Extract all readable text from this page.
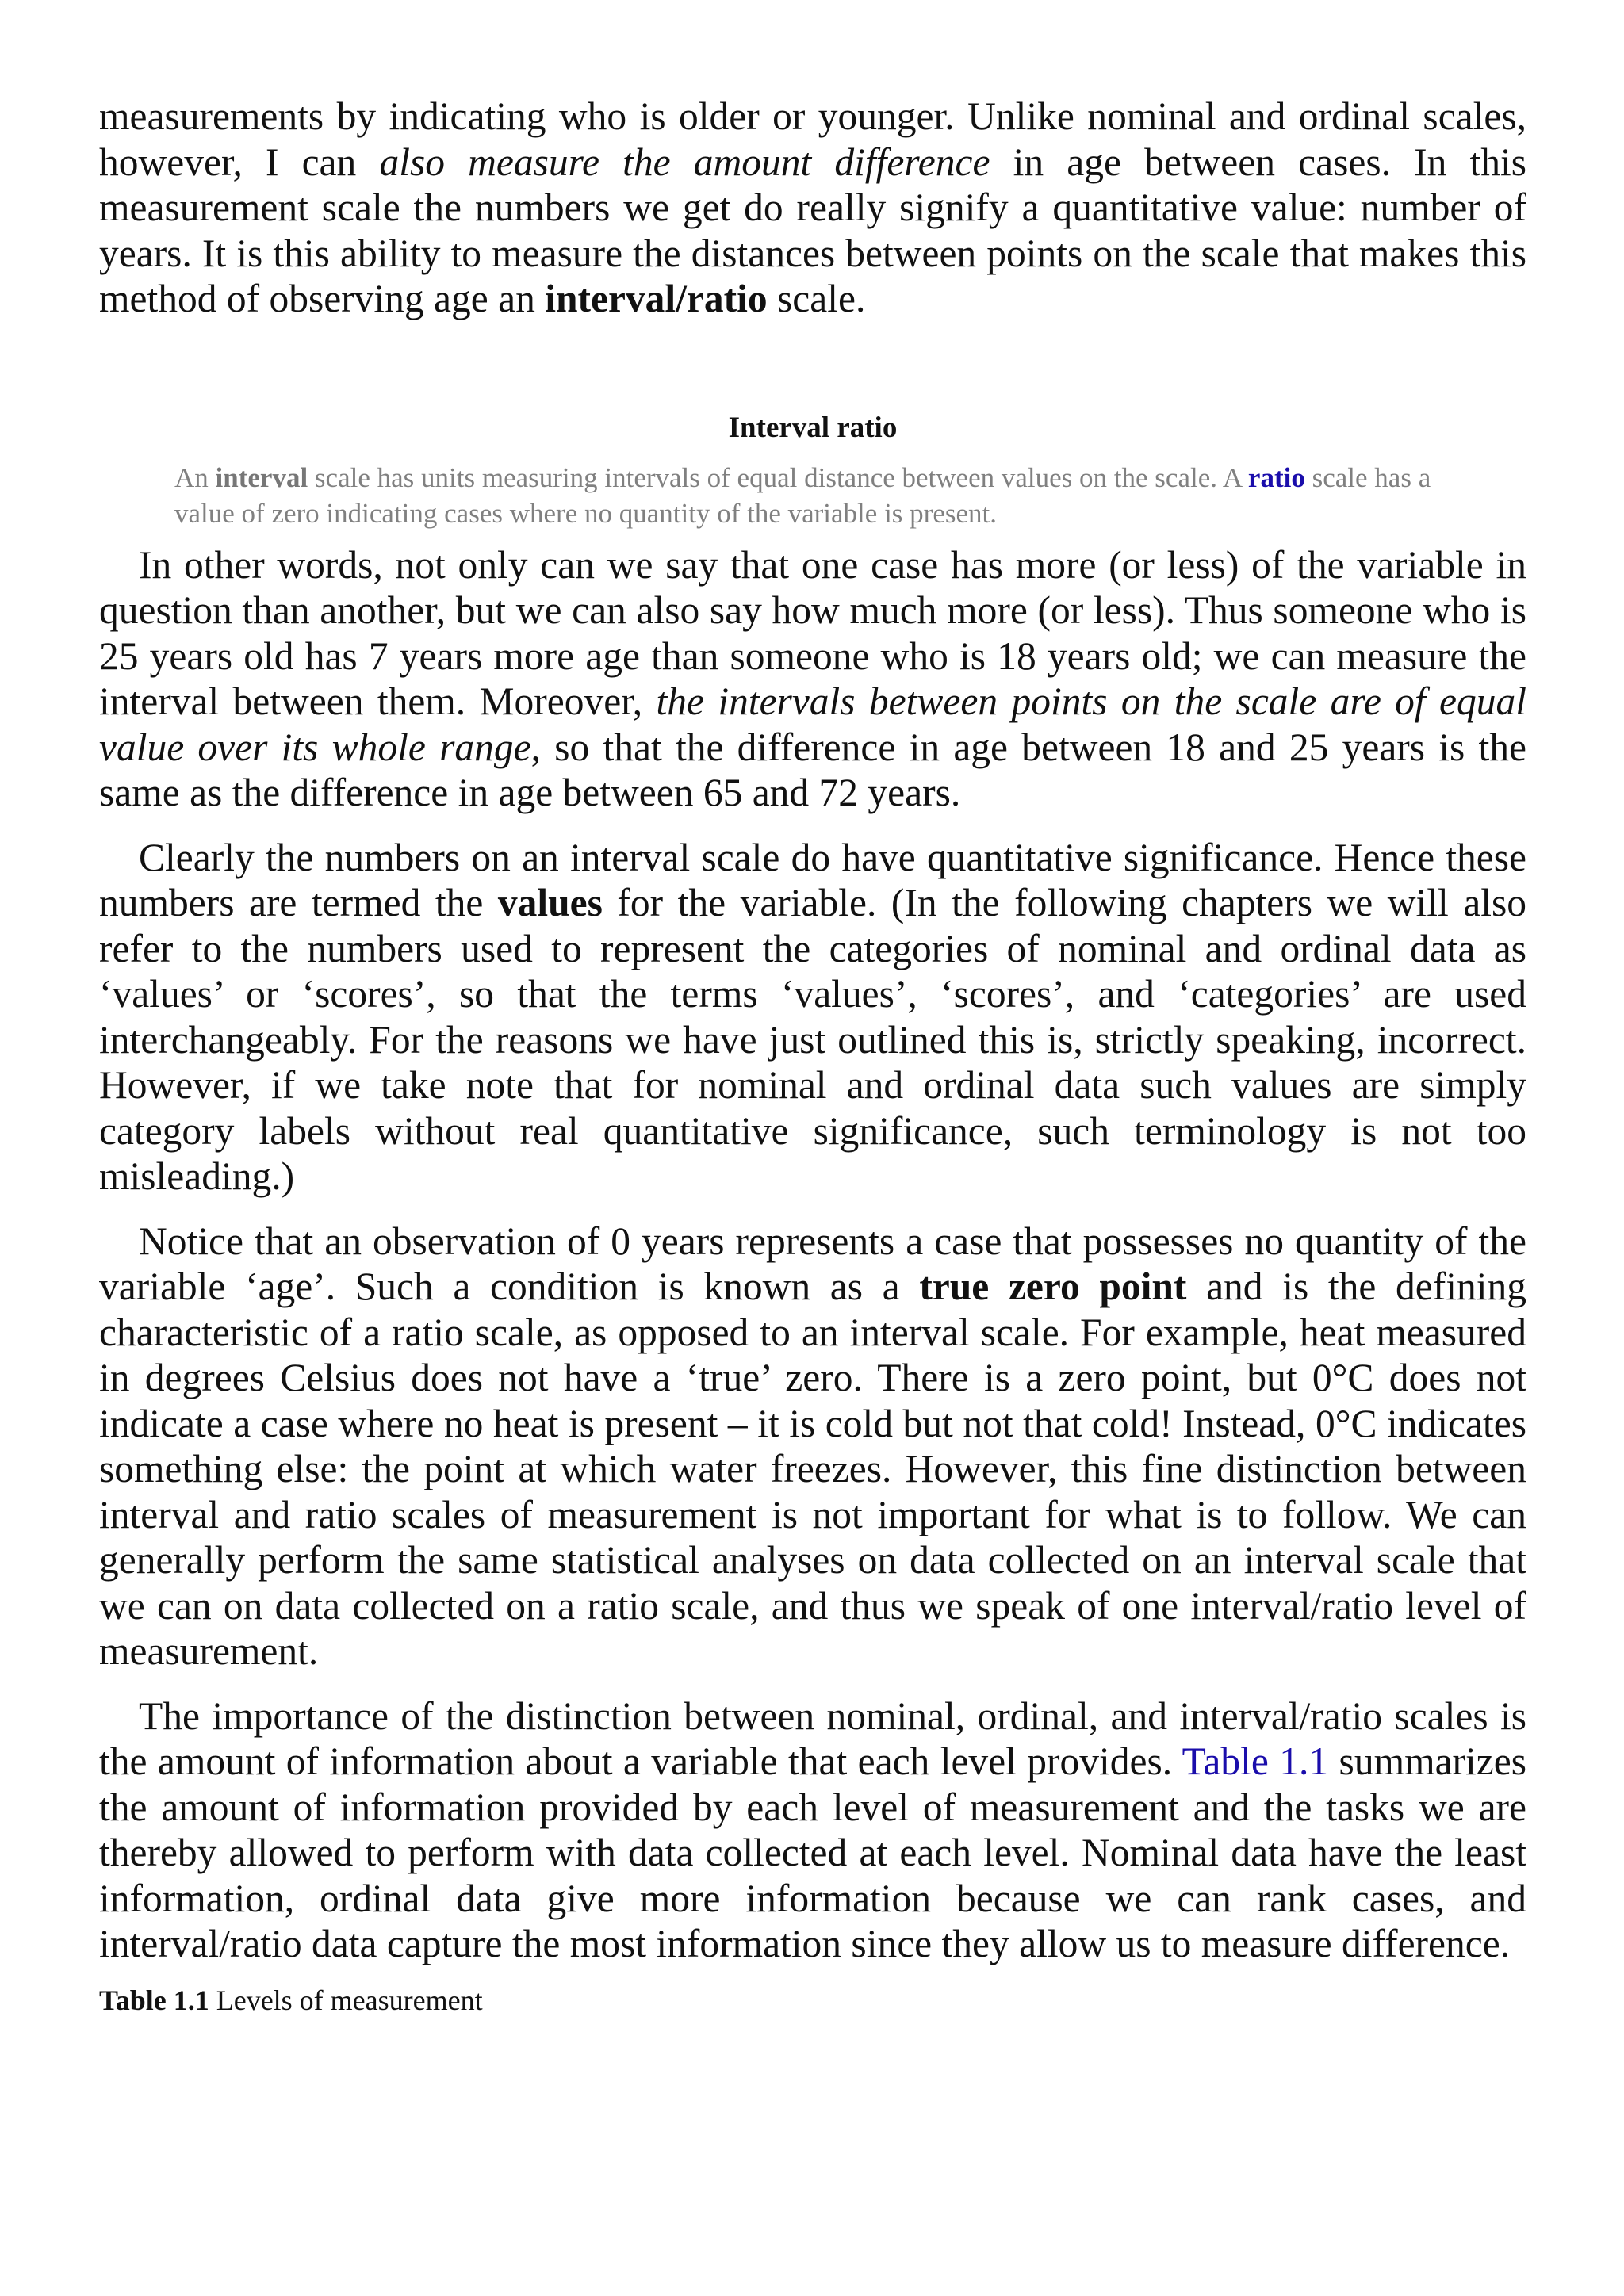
measurements by indicating who is older or younger. Unlike nominal and ordinal scales, however, I can also measure the amount difference in age between cases. In this measurement scale the numbers we get do really signify a quantitative value: number of years. It is this ability to measure the distances between points on the scale that makes this method of observing age an interval/ratio scale.

Interval ratio
An interval scale has units measuring intervals of equal distance between values on the scale. A ratio scale has a value of zero indicating cases where no quantity of the variable is present.

In other words, not only can we say that one case has more (or less) of the variable in question than another, but we can also say how much more (or less). Thus someone who is 25 years old has 7 years more age than someone who is 18 years old; we can measure the interval between them. Moreover, the intervals between points on the scale are of equal value over its whole range, so that the difference in age between 18 and 25 years is the same as the difference in age between 65 and 72 years.

Clearly the numbers on an interval scale do have quantitative significance. Hence these numbers are termed the values for the variable. (In the following chapters we will also refer to the numbers used to represent the categories of nominal and ordinal data as ‘values’ or ‘scores’, so that the terms ‘values’, ‘scores’, and ‘categories’ are used interchangeably. For the reasons we have just outlined this is, strictly speaking, incorrect. However, if we take note that for nominal and ordinal data such values are simply category labels without real quantitative significance, such terminology is not too misleading.)

Notice that an observation of 0 years represents a case that possesses no quantity of the variable ‘age’. Such a condition is known as a true zero point and is the defining characteristic of a ratio scale, as opposed to an interval scale. For example, heat measured in degrees Celsius does not have a ‘true’ zero. There is a zero point, but 0°C does not indicate a case where no heat is present – it is cold but not that cold! Instead, 0°C indicates something else: the point at which water freezes. However, this fine distinction between interval and ratio scales of measurement is not important for what is to follow. We can generally perform the same statistical analyses on data collected on an interval scale that we can on data collected on a ratio scale, and thus we speak of one interval/ratio level of measurement.

The importance of the distinction between nominal, ordinal, and interval/ratio scales is the amount of information about a variable that each level provides. Table 1.1 summarizes the amount of information provided by each level of measurement and the tasks we are thereby allowed to perform with data collected at each level. Nominal data have the least information, ordinal data give more information because we can rank cases, and interval/ratio data capture the most information since they allow us to measure difference.

Table 1.1 Levels of measurement
